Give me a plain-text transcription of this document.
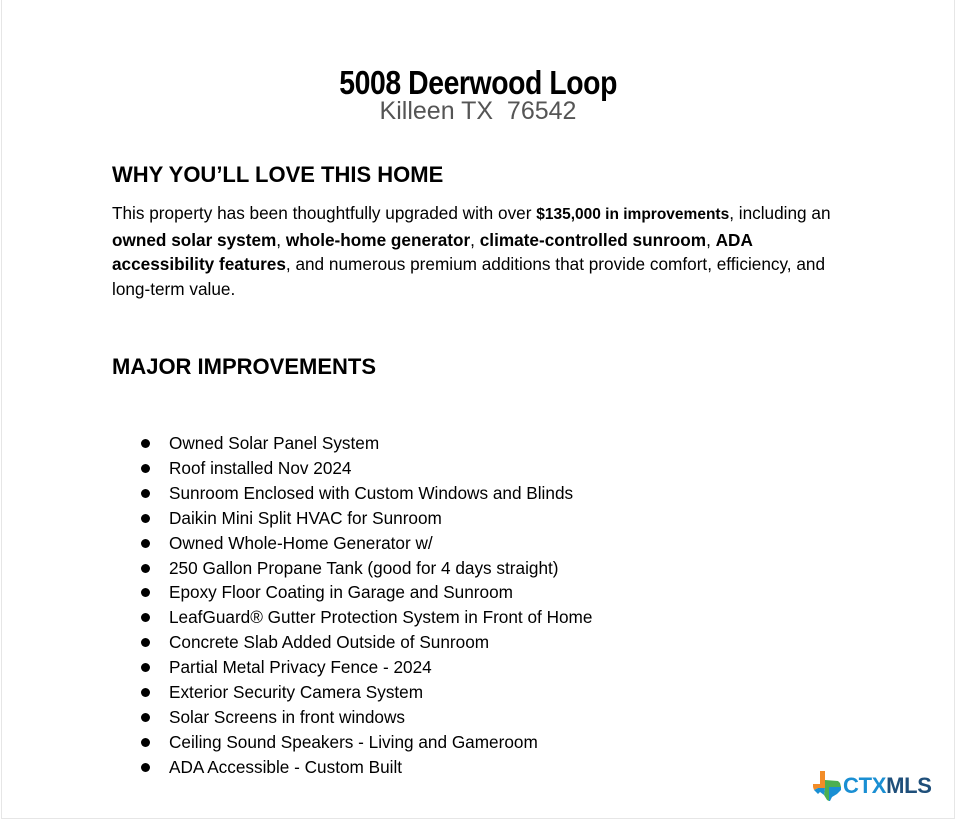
5008 Deerwood Loop
Killeen TX  76542
WHY YOU’LL LOVE THIS HOME

This property has been thoughtfully upgraded with over $135,000 in improvements, including an owned solar system, whole-home generator, climate-controlled sunroom, ADA accessibility features, and numerous premium additions that provide comfort, efficiency, and long-term value.

MAJOR IMPROVEMENTS
Owned Solar Panel System
Roof installed Nov 2024
Sunroom Enclosed with Custom Windows and Blinds
Daikin Mini Split HVAC for Sunroom
Owned Whole-Home Generator w/
250 Gallon Propane Tank (good for 4 days straight)
Epoxy Floor Coating in Garage and Sunroom
LeafGuard® Gutter Protection System in Front of Home
Concrete Slab Added Outside of Sunroom
Partial Metal Privacy Fence - 2024
Exterior Security Camera System
Solar Screens in front windows
Ceiling Sound Speakers - Living and Gameroom
ADA Accessible - Custom Built
CTXMLS
